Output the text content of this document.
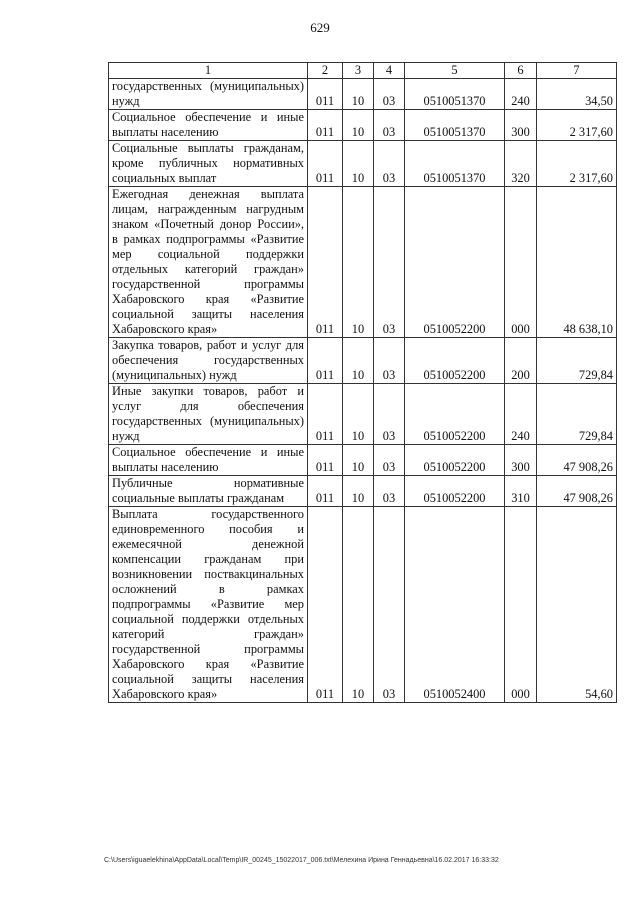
629
1	2	3	4	5	6	7
государственных (муниципальных) нужд	011	10	03	0510051370	240	34,50
Социальное обеспечение и иные выплаты населению	011	10	03	0510051370	300	2 317,60
Социальные выплаты гражданам, кроме публичных нормативных социальных выплат	011	10	03	0510051370	320	2 317,60
Ежегодная денежная выплата лицам, награжденным нагрудным знаком «Почетный донор России», в рамках подпрограммы «Развитие мер социальной поддержки отдельных категорий граждан» государственной программы Хабаровского края «Развитие социальной защиты населения Хабаровского края»	011	10	03	0510052200	000	48 638,10
Закупка товаров, работ и услуг для обеспечения государственных (муниципальных) нужд	011	10	03	0510052200	200	729,84
Иные закупки товаров, работ и услуг для обеспечения государственных (муниципальных) нужд	011	10	03	0510052200	240	729,84
Социальное обеспечение и иные выплаты населению	011	10	03	0510052200	300	47 908,26
Публичные нормативные социальные выплаты гражданам	011	10	03	0510052200	310	47 908,26
Выплата государственного единовременного пособия и ежемесячной денежной компенсации гражданам при возникновении поствакцинальных осложнений в рамках подпрограммы «Развитие мер социальной поддержки отдельных категорий граждан» государственной программы Хабаровского края «Развитие социальной защиты населения Хабаровского края»	011	10	03	0510052400	000	54,60
C:\Users\iguaelekhina\AppData\Local\Temp\IR_00245_15022017_006.txt\Мелехина Ирина Геннадьевна\16.02.2017 16:33:32
